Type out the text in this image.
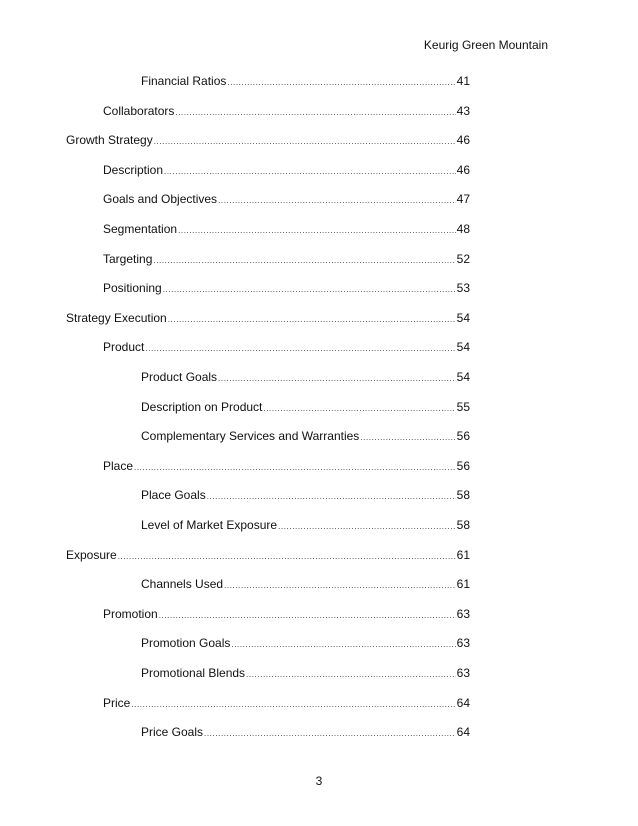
Keurig Green Mountain
Financial Ratios .....	41
Collaborators .....	43
Growth Strategy .....	46
Description .....	46
Goals and Objectives .....	47
Segmentation .....	48
Targeting .....	52
Positioning .....	53
Strategy Execution .....	54
Product .....	54
Product Goals .....	54
Description on Product .....	55
Complementary Services and Warranties .....	56
Place .....	56
Place Goals .....	58
Level of Market Exposure .....	58
Exposure .....	61
Channels Used .....	61
Promotion .....	63
Promotion Goals .....	63
Promotional Blends .....	63
Price .....	64
Price Goals .....	64
3
